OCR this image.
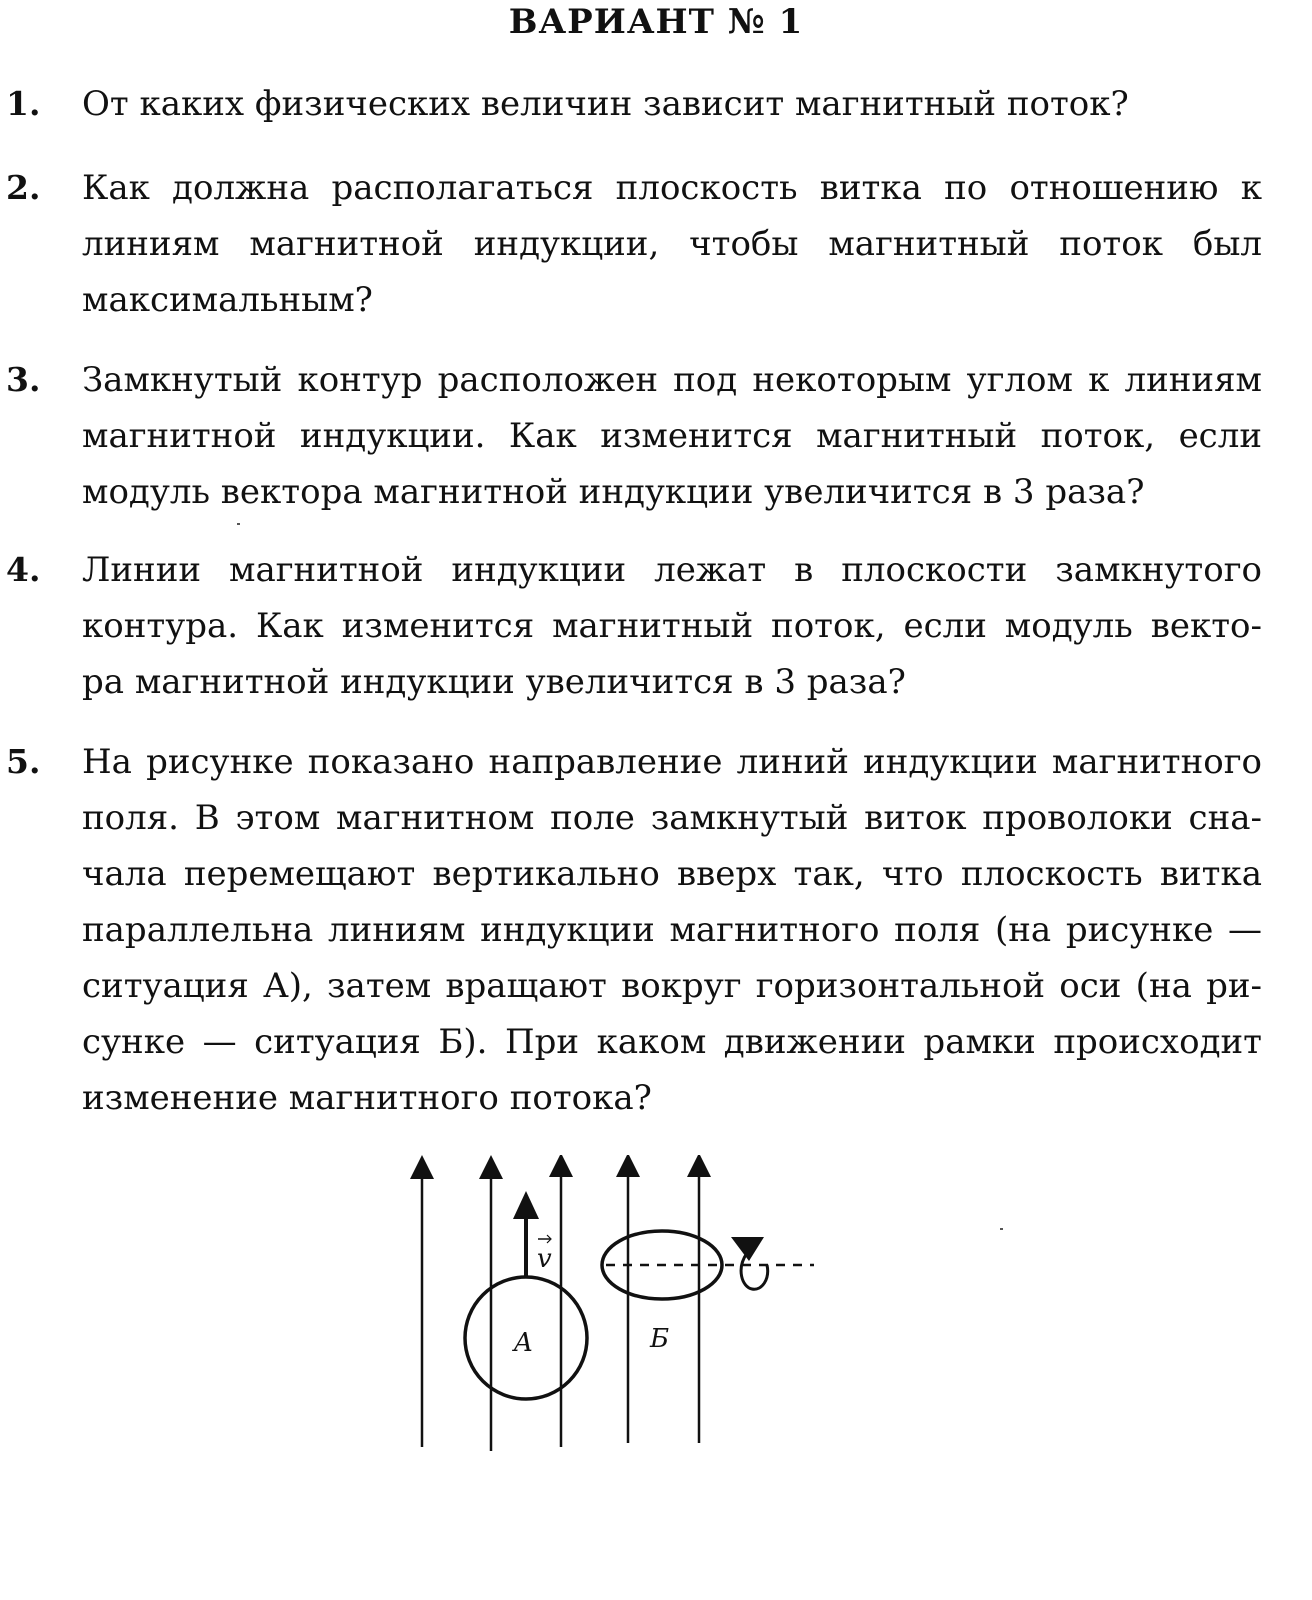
ВАРИАНТ № 1
1. От каких физических величин зависит магнитный поток?
2. Как должна располагаться плоскость витка по отношению к
линиям магнитной индукции, чтобы магнитный поток был
максимальным?
3. Замкнутый контур расположен под некоторым углом к линиям
магнитной индукции. Как изменится магнитный поток, если
модуль вектора магнитной индукции увеличится в 3 раза?
4. Линии магнитной индукции лежат в плоскости замкнутого
контура. Как изменится магнитный поток, если модуль векто-
ра магнитной индукции увеличится в 3 раза?
5. На рисунке показано направление линий индукции магнитного
поля. В этом магнитном поле замкнутый виток проволоки сна-
чала перемещают вертикально вверх так, что плоскость витка
параллельна линиям индукции магнитного поля (на рисунке —
ситуация А), затем вращают вокруг горизонтальной оси (на ри-
сунке — ситуация Б). При каком движении рамки происходит
изменение магнитного потока?
v
A	Б
